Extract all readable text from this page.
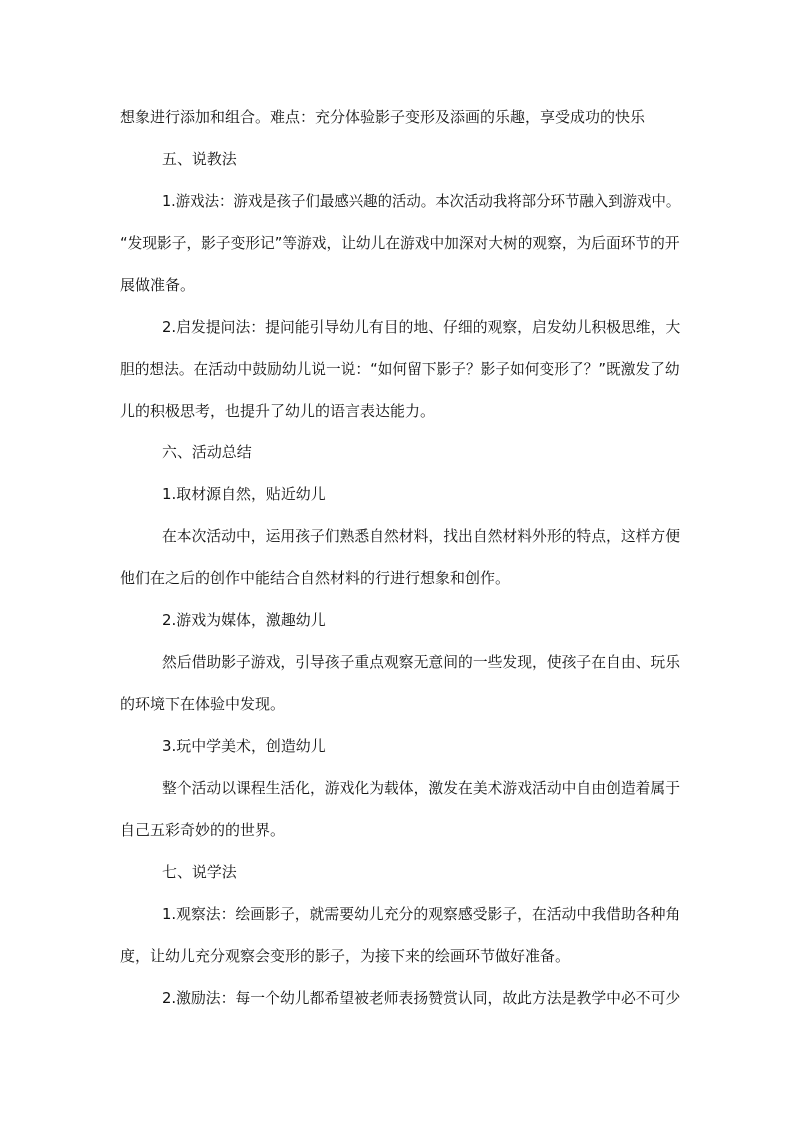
想象进行添加和组合。难点：充分体验影子变形及添画的乐趣，享受成功的快乐
五、说教法
1.游戏法：游戏是孩子们最感兴趣的活动。本次活动我将部分环节融入到游戏中。
“发现影子，影子变形记”等游戏，让幼儿在游戏中加深对大树的观察，为后面环节的开
展做准备。
2.启发提问法：提问能引导幼儿有目的地、仔细的观察，启发幼儿积极思维，大
胆的想法。在活动中鼓励幼儿说一说：“如何留下影子？影子如何变形了？”既激发了幼
儿的积极思考，也提升了幼儿的语言表达能力。
六、活动总结
1.取材源自然，贴近幼儿
在本次活动中，运用孩子们熟悉自然材料，找出自然材料外形的特点，这样方便
他们在之后的创作中能结合自然材料的行进行想象和创作。
2.游戏为媒体，激趣幼儿
然后借助影子游戏，引导孩子重点观察无意间的一些发现，使孩子在自由、玩乐
的环境下在体验中发现。
3.玩中学美术，创造幼儿
整个活动以课程生活化，游戏化为载体，激发在美术游戏活动中自由创造着属于
自己五彩奇妙的的世界。
七、说学法
1.观察法：绘画影子，就需要幼儿充分的观察感受影子，在活动中我借助各种角
度，让幼儿充分观察会变形的影子，为接下来的绘画环节做好准备。
2.激励法：每一个幼儿都希望被老师表扬赞赏认同，故此方法是教学中必不可少
